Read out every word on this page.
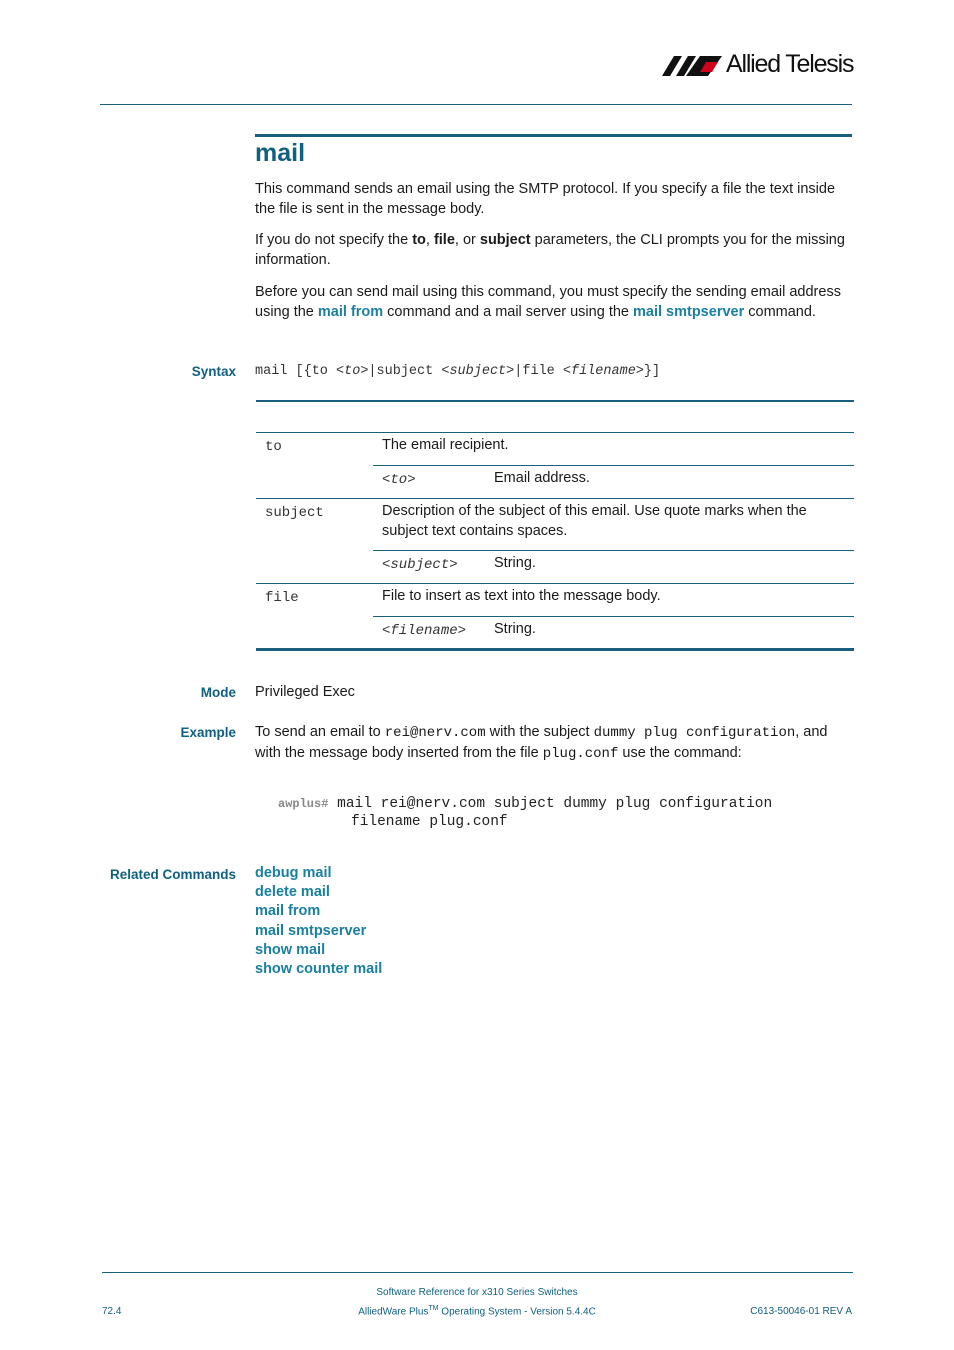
Allied Telesis
mail
This command sends an email using the SMTP protocol. If you specify a file the text inside the file is sent in the message body.
If you do not specify the to, file, or subject parameters, the CLI prompts you for the missing information.
Before you can send mail using this command, you must specify the sending email address using the mail from command and a mail server using the mail smtpserver command.
Syntax mail [{to <to>|subject <subject>|file <filename>}]
to	The email recipient.
<to>	Email address.
subject	Description of the subject of this email. Use quote marks when the subject text contains spaces.
<subject>	String.
file	File to insert as text into the message body.
<filename> String.
Mode Privileged Exec
Example To send an email to rei@nerv.com with the subject dummy plug configuration, and with the message body inserted from the file plug.conf use the command:
awplus# mail rei@nerv.com subject dummy plug configuration
filename plug.conf
Related Commands debug mail
delete mail
mail from
mail smtpserver
show mail
show counter mail
Software Reference for x310 Series Switches
AlliedWare Plus™ Operating System - Version 5.4.4C
72.4	C613-50046-01 REV A
